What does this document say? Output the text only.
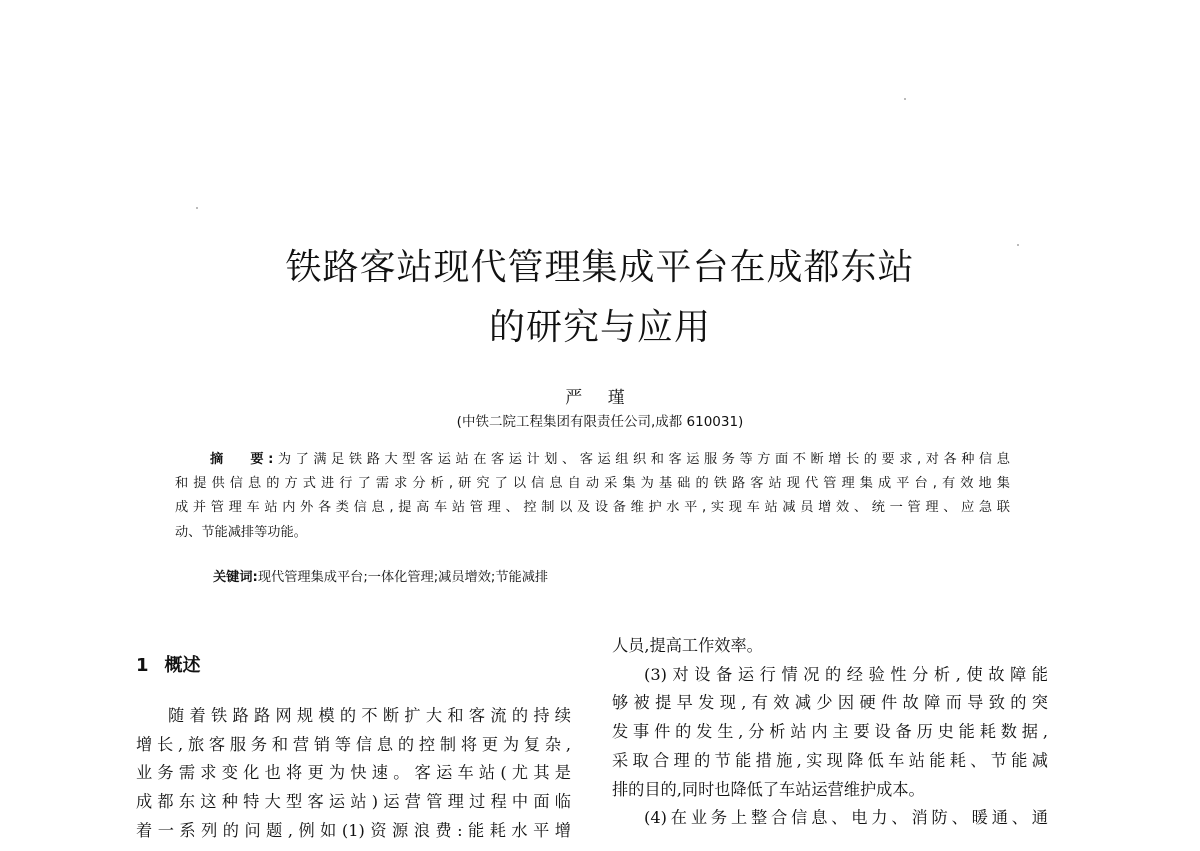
铁路客站现代管理集成平台在成都东站
的研究与应用
严 瑾
(中铁二院工程集团有限责任公司,成都 610031)

摘 要:为了满足铁路大型客运站在客运计划、客运组织和客运服务等方面不断增长的要求,对各种信息

和提供信息的方式进行了需求分析,研究了以信息自动采集为基础的铁路客站现代管理集成平台,有效地集

成并管理车站内外各类信息,提高车站管理、控制以及设备维护水平,实现车站减员增效、统一管理、应急联

动、节能减排等功能。

关键词:现代管理集成平台;一体化管理;减员增效;节能减排
1 概述

随着铁路路网规模的不断扩大和客流的持续

增长,旅客服务和营销等信息的控制将更为复杂,

业务需求变化也将更为快速。客运车站(尤其是

成都东这种特大型客运站)运营管理过程中面临

着一系列的问题,例如(1)资源浪费:能耗水平增

人员,提高工作效率。

(3)对设备运行情况的经验性分析,使故障能

够被提早发现,有效减少因硬件故障而导致的突

发事件的发生,分析站内主要设备历史能耗数据,

采取合理的节能措施,实现降低车站能耗、节能减

排的目的,同时也降低了车站运营维护成本。

(4)在业务上整合信息、电力、消防、暖通、通
